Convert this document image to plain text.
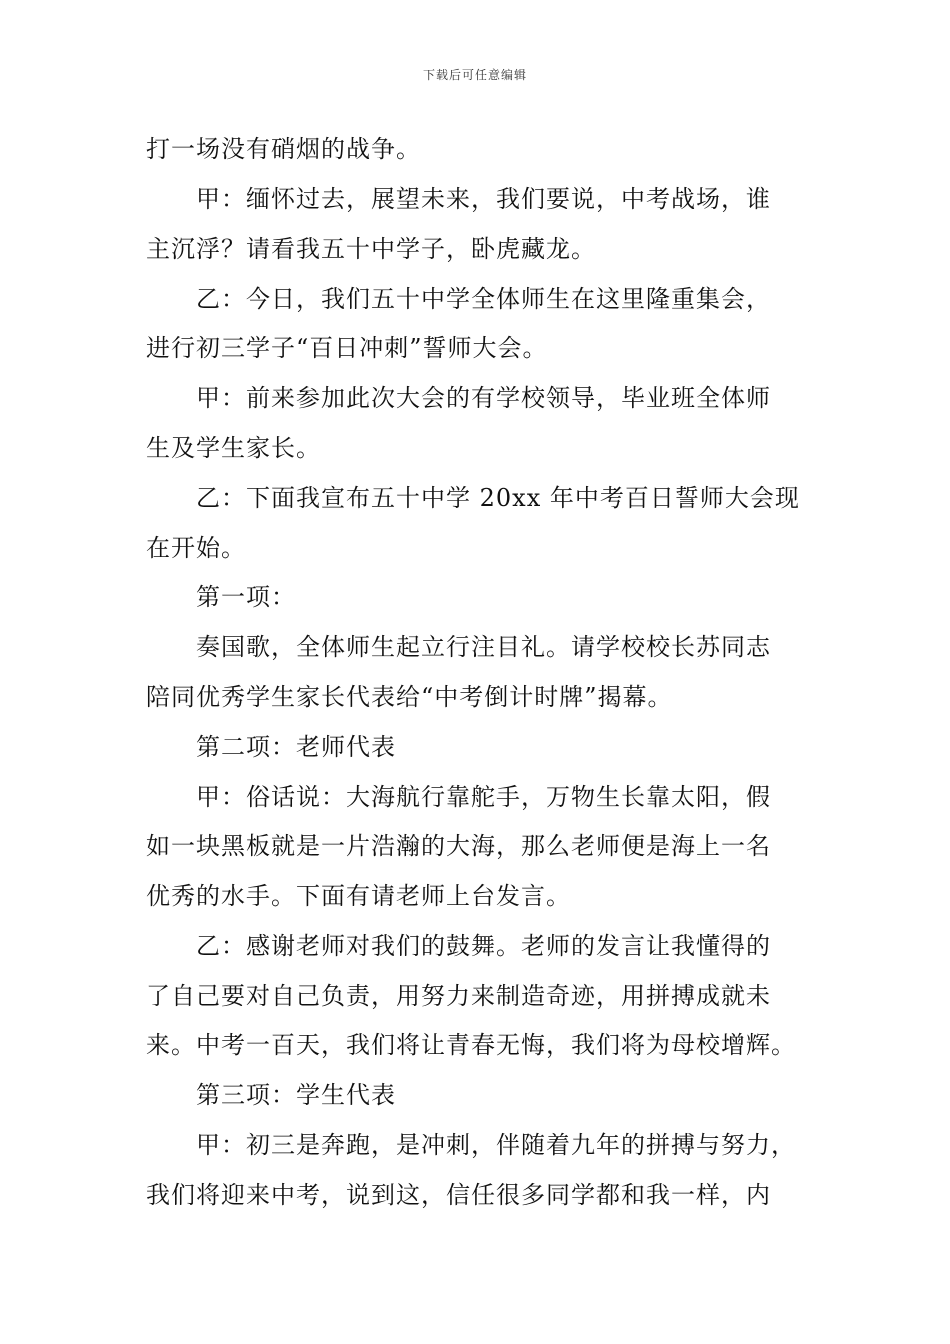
下载后可任意编辑
打一场没有硝烟的战争。
甲：缅怀过去，展望未来，我们要说，中考战场，谁
主沉浮？请看我五十中学子，卧虎藏龙。
乙：今日，我们五十中学全体师生在这里隆重集会，
进行初三学子“百日冲刺”誓师大会。
甲：前来参加此次大会的有学校领导，毕业班全体师
生及学生家长。
乙：下面我宣布五十中学 20xx 年中考百日誓师大会现
在开始。
第一项：
奏国歌，全体师生起立行注目礼。请学校校长苏同志
陪同优秀学生家长代表给“中考倒计时牌”揭幕。
第二项：老师代表
甲：俗话说：大海航行靠舵手，万物生长靠太阳，假
如一块黑板就是一片浩瀚的大海，那么老师便是海上一名
优秀的水手。下面有请老师上台发言。
乙：感谢老师对我们的鼓舞。老师的发言让我懂得的
了自己要对自己负责，用努力来制造奇迹，用拼搏成就未
来。中考一百天，我们将让青春无悔，我们将为母校增辉。
第三项：学生代表
甲：初三是奔跑，是冲刺，伴随着九年的拼搏与努力，
我们将迎来中考，说到这，信任很多同学都和我一样，内
